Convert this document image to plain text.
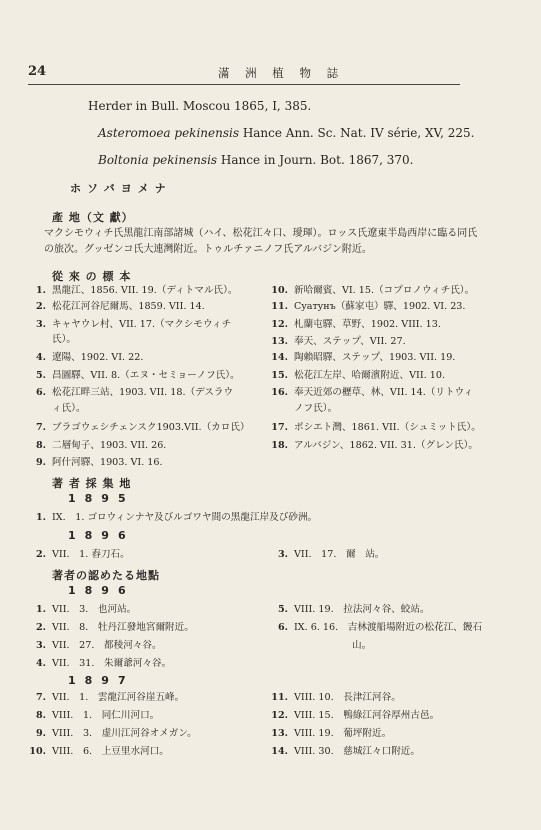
24	滿 洲 植 物 誌
Herder in Bull. Moscou 1865, I, 385.
Asteromoea pekinensis Hance Ann. Sc. Nat. IV série, XV, 225.
Boltonia pekinensis Hance in Journ. Bot. 1867, 370.
ホソバヨメナ
產 地（文 獻）
マクシモウィチ氏黑龍江南部諸城（ハイ、松花江々口、璦琿）。ロッス氏遼東半島西岸に臨る同氏
の旅次。グッゼンコ氏大連灣附近。トゥルチァニノフ氏アルバジン附近。
從 來 の 標 本
1. 黑龍江、1856. VII. 19.（ディトマル氏）。
2. 松花江河谷尼爾馬、1859. VII. 14.
3. キャヤウレ村、VII. 17.（マクシモウィチ
氏）。
4. 遼陽、1902. VI. 22.
5. 昌圖驛、VII. 8.（エヌ・セミョーノフ氏）。
6. 松花江畔三站、1903. VII. 18.（デスラウ
ィ氏）。
7. ブラゴウェシチェンスク1903.VII.（カロ氏）
8. 二層甸子、1903. VII. 26.
9. 阿什河驛、1903. VI. 16.
10. 新哈爾賓、VI. 15.（コプロノウィチ氏）。
11. Cyaтyнъ（蘇家屯）驛、1902. VI. 23.
12. 札蘭屯驛、草野、1902. VIII. 13.
13. 奉天、ステップ、VII. 27.
14. 陶賴昭驛、ステップ、1903. VII. 19.
15. 松花江左岸、哈爾濱附近、VII. 10.
16. 奉天近郊の櫪草、林、VII. 14.（リトウィ
ノフ氏）。
17. ポシエト灣、1861. VII.（シュミット氏）。
18. アルバジン、1862. VII. 31.（グレン氏）。
著 者 採 集 地
1895
1. IX.　1. ゴロウィンナヤ及びルゴワヤ間の黑龍江岸及び砂洲。
1896
2. VII.　1. 舂刀石。	3. VII.　17.　爾　站。
著者の認めたる地點
1896
1. VII.　3.　也河站。
2. VII.　8.　牡丹江發地宮爾附近。
3. VII.　27.　都稜河々谷。
4. VII.　31.　朱爾爺河々谷。
5. VIII. 19.　拉法河々谷、蛟站。
6. IX. 6. 16.　吉林渡船場附近の松花江、饅石
山。
1897
7. VII.　1.　雲龍江河谷崖五峰。
8. VIII.　1.　同仁川河口。
9. VIII.　3.　虚川江河谷オメガン。
10. VIII.　6.　上豆里水河口。
11. VIII. 10.　長津江河谷。
12. VIII. 15.　鴨綠江河谷厚州古邑。
13. VIII. 19.　葡坪附近。
14. VIII. 30.　慈城江々口附近。
